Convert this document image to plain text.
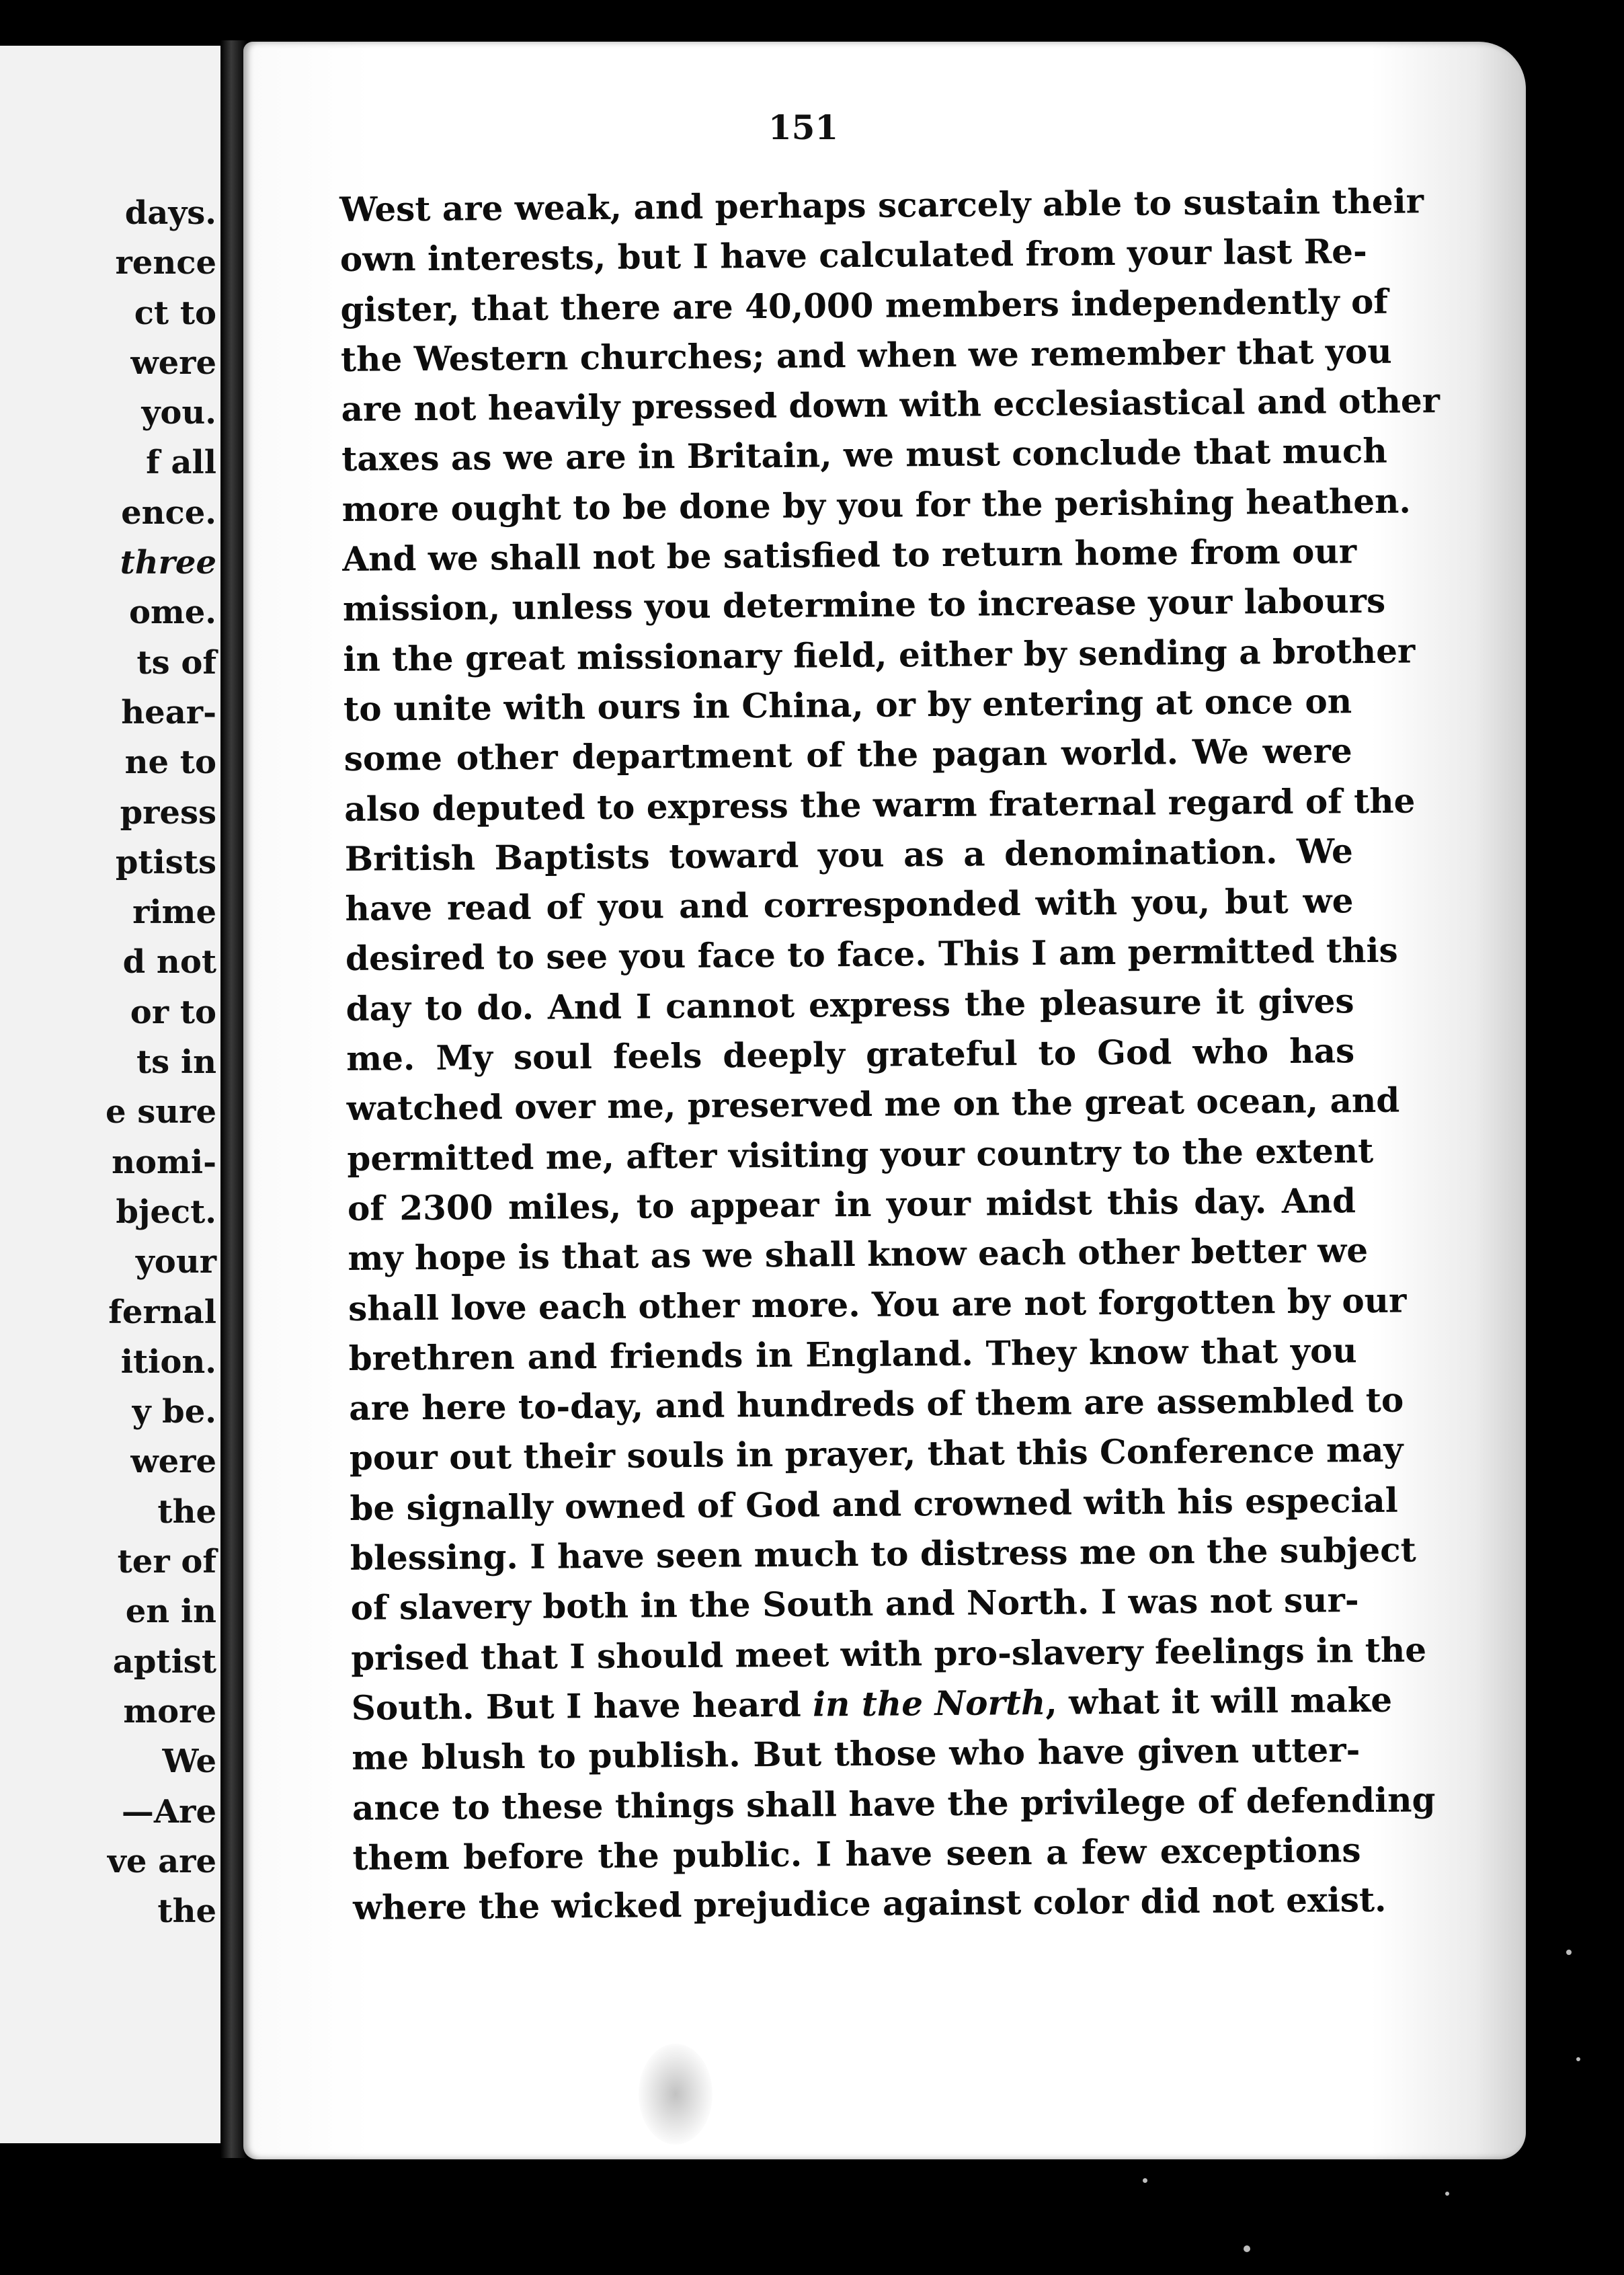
days.
rence
ct to
were
you.
f all
ence.
three
ome.
ts of
hear-
ne to
press
ptists
rime
d not
or to
ts in
e sure
nomi-
bject.
your
fernal
ition.
y be.
were
the
ter of
en in
aptist
more
We
—Are
ve are
the
151
West are weak, and perhaps scarcely able to sustain their
own interests, but I have calculated from your last Re-
gister, that there are 40,000 members independently of
the Western churches; and when we remember that you
are not heavily pressed down with ecclesiastical and other
taxes as we are in Britain, we must conclude that much
more ought to be done by you for the perishing heathen.
And we shall not be satisfied to return home from our
mission, unless you determine to increase your labours
in the great missionary field, either by sending a brother
to unite with ours in China, or by entering at once on
some other department of the pagan world. We were
also deputed to express the warm fraternal regard of the
British Baptists toward you as a denomination. We
have read of you and corresponded with you, but we
desired to see you face to face. This I am permitted this
day to do. And I cannot express the pleasure it gives
me. My soul feels deeply grateful to God who has
watched over me, preserved me on the great ocean, and
permitted me, after visiting your country to the extent
of 2300 miles, to appear in your midst this day. And
my hope is that as we shall know each other better we
shall love each other more. You are not forgotten by our
brethren and friends in England. They know that you
are here to-day, and hundreds of them are assembled to
pour out their souls in prayer, that this Conference may
be signally owned of God and crowned with his especial
blessing. I have seen much to distress me on the subject
of slavery both in the South and North. I was not sur-
prised that I should meet with pro-slavery feelings in the
South. But I have heard in the North, what it will make
me blush to publish. But those who have given utter-
ance to these things shall have the privilege of defending
them before the public. I have seen a few exceptions
where the wicked prejudice against color did not exist.
